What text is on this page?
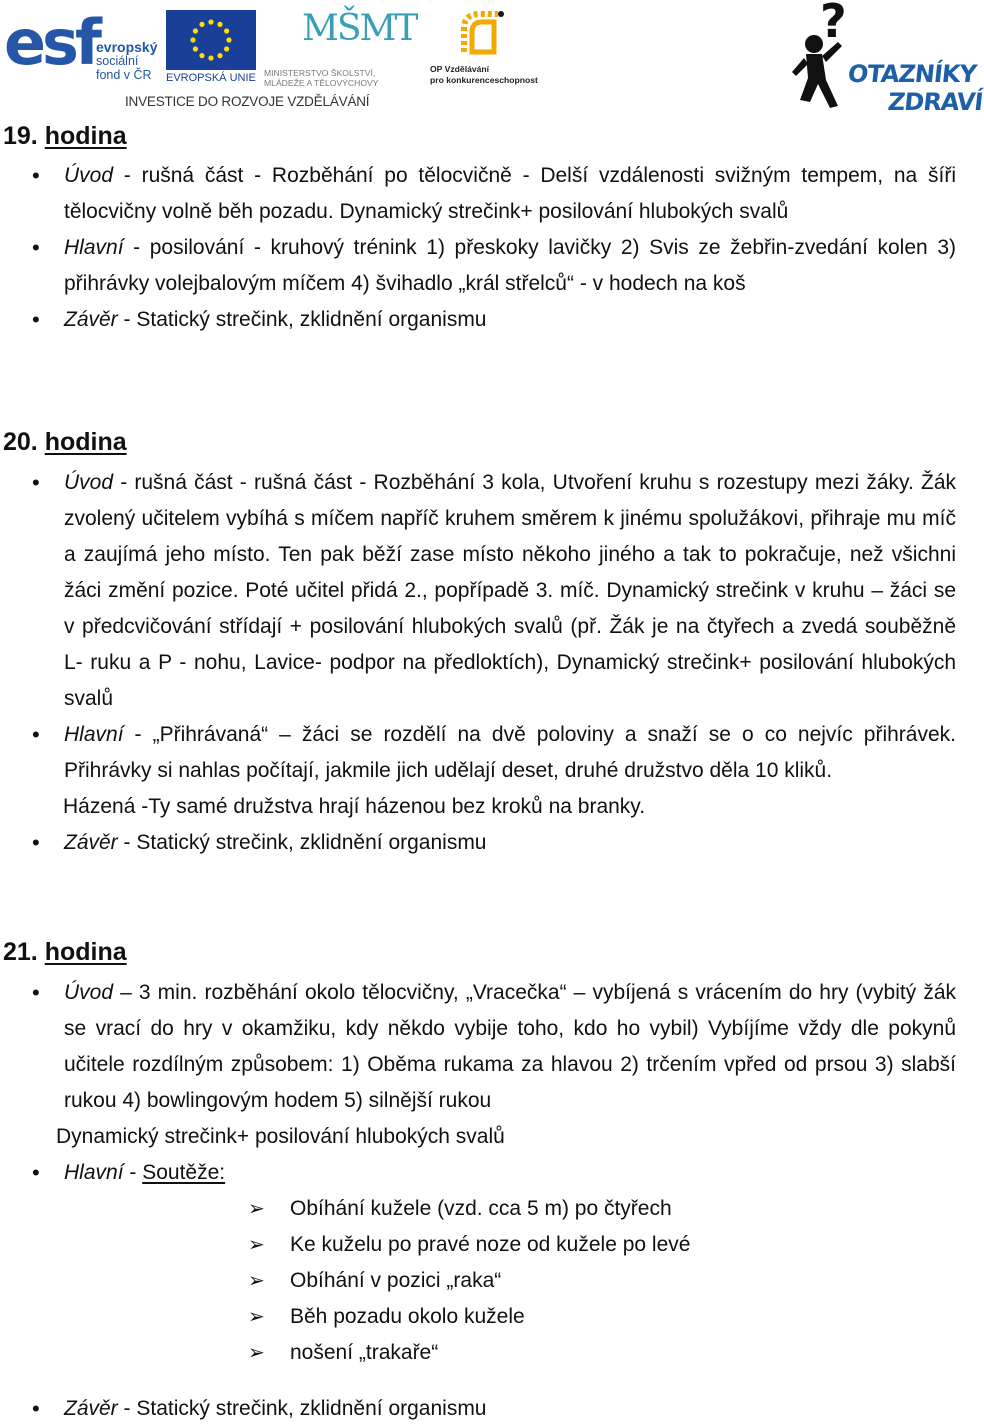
esf
evropský
sociální
fond v ČR	EVROPSKÁ UNIE
MŠMT
MINISTERSTVO ŠKOLSTVÍ,
MLÁDEŽE A TĚLOVÝCHOVY
OP Vzdělávání
pro konkurenceschopnost
INVESTICE DO ROZVOJE VZDĚLÁVÁNÍ
?
OTAZNÍKY
ZDRAVÍ
19. hodina
• Úvod - rušná část - Rozběhání po tělocvičně - Delší vzdálenosti svižným tempem, na šíři tělocvičny volně běh pozadu. Dynamický strečink+ posilování hlubokých svalů
• Hlavní - posilování - kruhový trénink 1) přeskoky lavičky 2) Svis ze žebřin-zvedání kolen 3) přihrávky volejbalovým míčem 4) švihadlo „král střelců“ - v hodech na koš
• Závěr - Statický strečink, zklidnění organismu
20. hodina
• Úvod - rušná část - rušná část - Rozběhání 3 kola, Utvoření kruhu s rozestupy mezi žáky. Žák zvolený učitelem vybíhá s míčem napříč kruhem směrem k jinému spolužákovi, přihraje mu míč a zaujímá jeho místo. Ten pak běží zase místo někoho jiného a tak to pokračuje, než všichni žáci změní pozice. Poté učitel přidá 2., popřípadě 3. míč. Dynamický strečink v kruhu – žáci se v předcvičování střídají + posilování hlubokých svalů (př. Žák je na čtyřech a zvedá souběžně L- ruku a P - nohu, Lavice- podpor na předloktích), Dynamický strečink+ posilování hlubokých svalů
• Hlavní - „Přihrávaná“ – žáci se rozdělí na dvě poloviny a snaží se o co nejvíc přihrávek. Přihrávky si nahlas počítají, jakmile jich udělají deset, druhé družstvo děla 10 kliků.
Házená -Ty samé družstva hrají házenou bez kroků na branky.
• Závěr - Statický strečink, zklidnění organismu
21. hodina
• Úvod – 3 min. rozběhání okolo tělocvičny, „Vracečka“ – vybíjená s vrácením do hry (vybitý žák se vrací do hry v okamžiku, kdy někdo vybije toho, kdo ho vybil) Vybíjíme vždy dle pokynů učitele rozdílným způsobem: 1) Oběma rukama za hlavou 2) trčením vpřed od prsou 3) slabší rukou 4) bowlingovým hodem 5) silnější rukou
Dynamický strečink+ posilování hlubokých svalů
• Hlavní - Soutěže:
➢ Obíhání kužele (vzd. cca 5 m) po čtyřech
➢ Ke kuželu po pravé noze od kužele po levé
➢ Obíhání v pozici „raka“
➢ Běh pozadu okolo kužele
➢ nošení „trakaře“
• Závěr - Statický strečink, zklidnění organismu
